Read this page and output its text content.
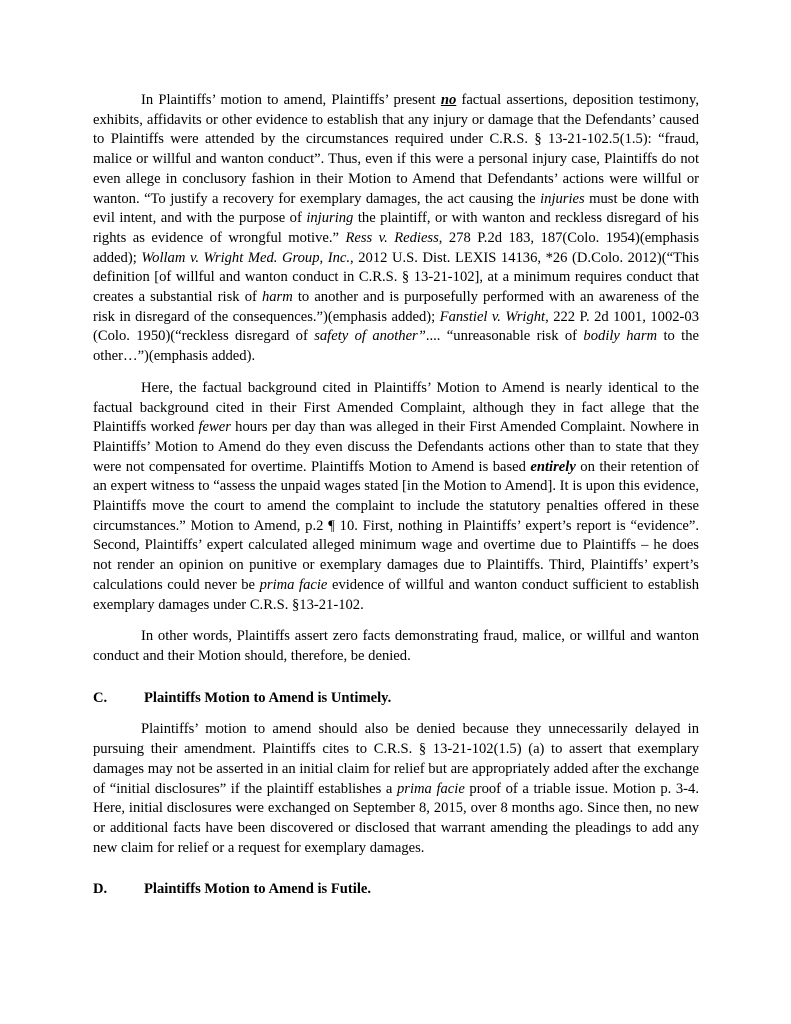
In Plaintiffs’ motion to amend, Plaintiffs’ present no factual assertions, deposition testimony, exhibits, affidavits or other evidence to establish that any injury or damage that the Defendants’ caused to Plaintiffs were attended by the circumstances required under C.R.S. § 13-21-102.5(1.5): “fraud, malice or willful and wanton conduct”. Thus, even if this were a personal injury case, Plaintiffs do not even allege in conclusory fashion in their Motion to Amend that Defendants’ actions were willful or wanton. “To justify a recovery for exemplary damages, the act causing the injuries must be done with evil intent, and with the purpose of injuring the plaintiff, or with wanton and reckless disregard of his rights as evidence of wrongful motive.” Ress v. Rediess, 278 P.2d 183, 187(Colo. 1954)(emphasis added); Wollam v. Wright Med. Group, Inc., 2012 U.S. Dist. LEXIS 14136, *26 (D.Colo. 2012)(“This definition [of willful and wanton conduct in C.R.S. § 13-21-102], at a minimum requires conduct that creates a substantial risk of harm to another and is purposefully performed with an awareness of the risk in disregard of the consequences.”)(emphasis added); Fanstiel v. Wright, 222 P. 2d 1001, 1002-03 (Colo. 1950)(“reckless disregard of safety of another”.... “unreasonable risk of bodily harm to the other…”)(emphasis added).

Here, the factual background cited in Plaintiffs’ Motion to Amend is nearly identical to the factual background cited in their First Amended Complaint, although they in fact allege that the Plaintiffs worked fewer hours per day than was alleged in their First Amended Complaint. Nowhere in Plaintiffs’ Motion to Amend do they even discuss the Defendants actions other than to state that they were not compensated for overtime. Plaintiffs Motion to Amend is based entirely on their retention of an expert witness to “assess the unpaid wages stated [in the Motion to Amend]. It is upon this evidence, Plaintiffs move the court to amend the complaint to include the statutory penalties offered in these circumstances.” Motion to Amend, p.2 ¶ 10. First, nothing in Plaintiffs’ expert’s report is “evidence”. Second, Plaintiffs’ expert calculated alleged minimum wage and overtime due to Plaintiffs – he does not render an opinion on punitive or exemplary damages due to Plaintiffs. Third, Plaintiffs’ expert’s calculations could never be prima facie evidence of willful and wanton conduct sufficient to establish exemplary damages under C.R.S. §13-21-102.

In other words, Plaintiffs assert zero facts demonstrating fraud, malice, or willful and wanton conduct and their Motion should, therefore, be denied.

C.	Plaintiffs Motion to Amend is Untimely.

Plaintiffs’ motion to amend should also be denied because they unnecessarily delayed in pursuing their amendment. Plaintiffs cites to C.R.S. § 13-21-102(1.5) (a) to assert that exemplary damages may not be asserted in an initial claim for relief but are appropriately added after the exchange of “initial disclosures” if the plaintiff establishes a prima facie proof of a triable issue. Motion p. 3-4. Here, initial disclosures were exchanged on September 8, 2015, over 8 months ago. Since then, no new or additional facts have been discovered or disclosed that warrant amending the pleadings to add any new claim for relief or a request for exemplary damages.

D.	Plaintiffs Motion to Amend is Futile.
